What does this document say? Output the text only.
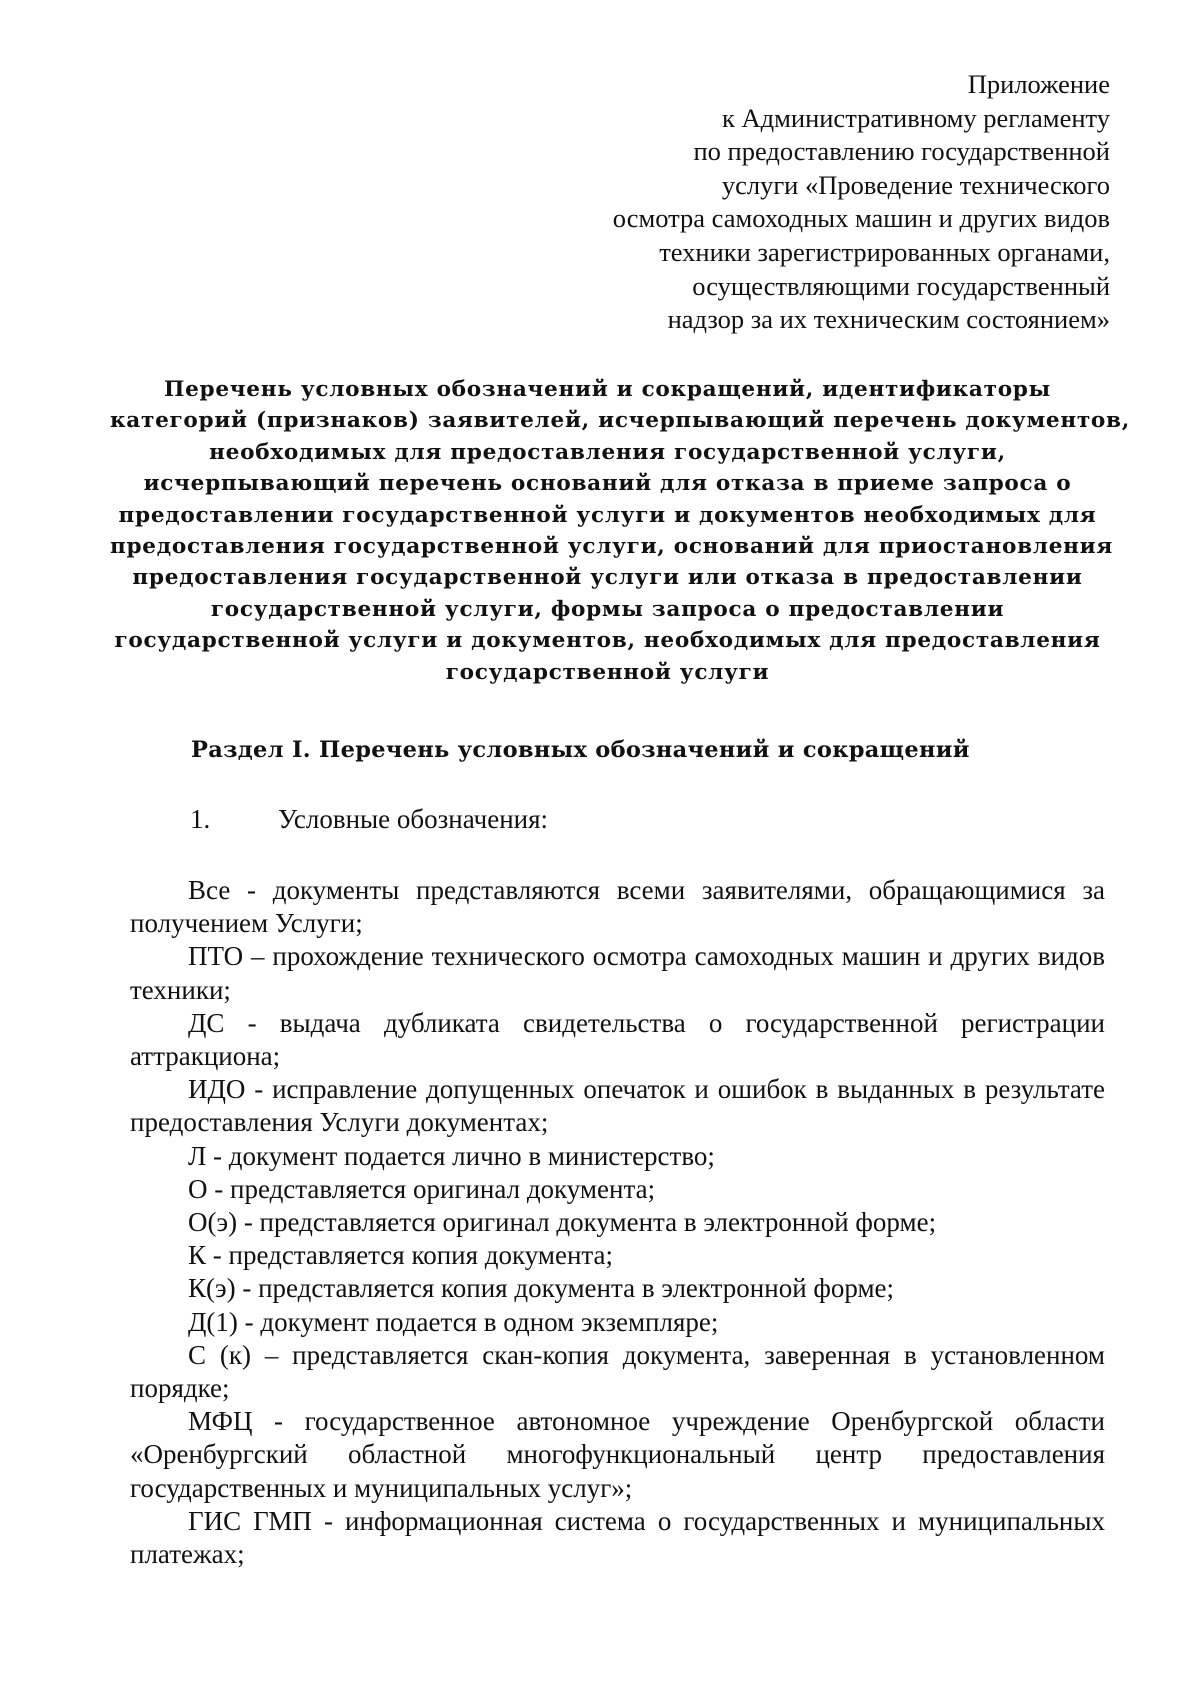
Приложение
к Административному регламенту
по предоставлению государственной
услуги «Проведение технического
осмотра самоходных машин и других видов
техники зарегистрированных органами,
осуществляющими государственный
надзор за их техническим состоянием»
Перечень условных обозначений и сокращений, идентификаторы
категорий (признаков) заявителей, исчерпывающий перечень документов,
необходимых для предоставления государственной услуги,
исчерпывающий перечень оснований для отказа в приеме запроса о
предоставлении государственной услуги и документов необходимых для
предоставления государственной услуги, оснований для приостановления
предоставления государственной услуги или отказа в предоставлении
государственной услуги, формы запроса о предоставлении
государственной услуги и документов, необходимых для предоставления
государственной услуги
Раздел I. Перечень условных обозначений и сокращений
1.	Условные обозначения:
Все - документы представляются всеми заявителями, обращающимися за получением Услуги;
ПТО – прохождение технического осмотра самоходных машин и других видов техники;
ДС - выдача дубликата свидетельства о государственной регистрации аттракциона;
ИДО - исправление допущенных опечаток и ошибок в выданных в результате предоставления Услуги документах;
Л - документ подается лично в министерство;
О - представляется оригинал документа;
О(э) - представляется оригинал документа в электронной форме;
К - представляется копия документа;
К(э) - представляется копия документа в электронной форме;
Д(1) - документ подается в одном экземпляре;
С (к) – представляется скан-копия документа, заверенная в установленном порядке;
МФЦ - государственное автономное учреждение Оренбургской области «Оренбургский областной многофункциональный центр предоставления государственных и муниципальных услуг»;
ГИС ГМП - информационная система о государственных и муниципальных платежах;
